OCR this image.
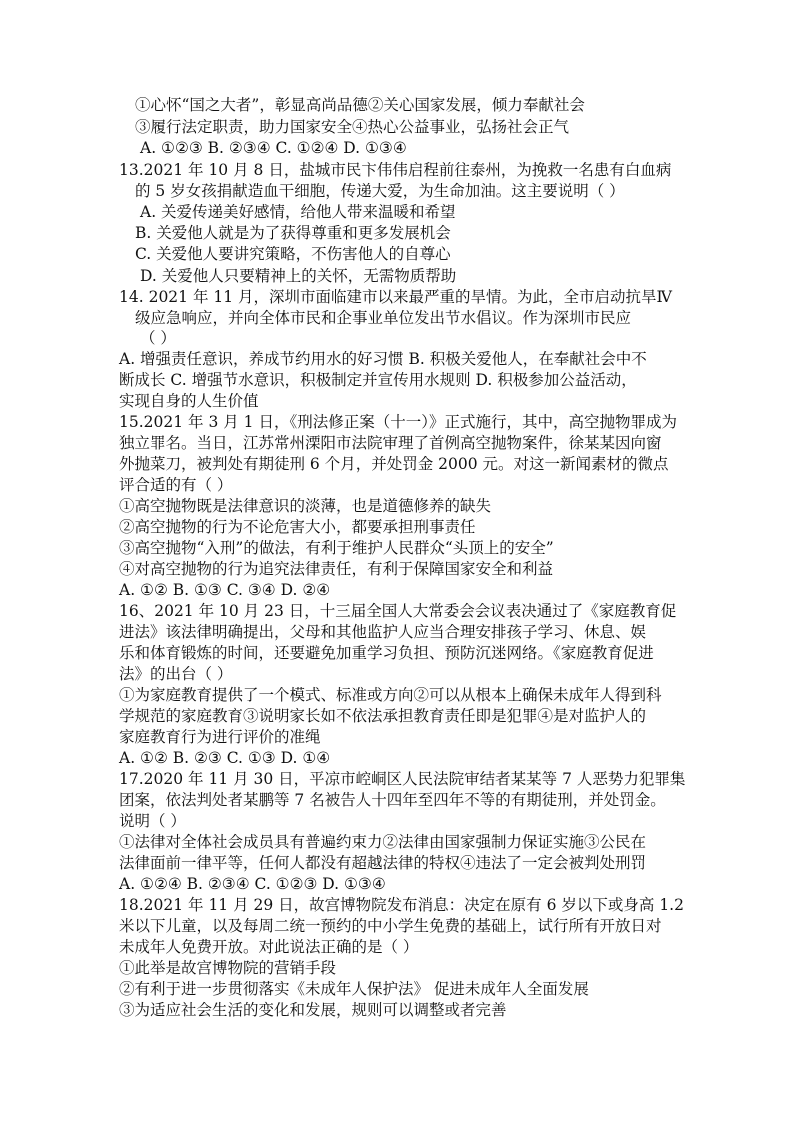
①心怀“国之大者”，彰显高尚品德②关心国家发展，倾力奉献社会
③履行法定职责，助力国家安全④热心公益事业，弘扬社会正气
A. ①②③ B. ②③④ C. ①②④ D. ①③④
13.2021 年 10 月 8 日，盐城市民卞伟伟启程前往泰州，为挽救一名患有白血病
的 5 岁女孩捐献造血干细胞，传递大爱，为生命加油。这主要说明（ ）
A. 关爱传递美好感情，给他人带来温暖和希望
B. 关爱他人就是为了获得尊重和更多发展机会
C. 关爱他人要讲究策略，不伤害他人的自尊心
D. 关爱他人只要精神上的关怀，无需物质帮助
14. 2021 年 11 月，深圳市面临建市以来最严重的旱情。为此，全市启动抗旱Ⅳ
级应急响应，并向全体市民和企事业单位发出节水倡议。作为深圳市民应
（ ）
A. 增强责任意识，养成节约用水的好习惯 B. 积极关爱他人，在奉献社会中不
断成长 C. 增强节水意识，积极制定并宣传用水规则 D. 积极参加公益活动，
实现自身的人生价值
15.2021 年 3 月 1 日，《刑法修正案（十一）》正式施行，其中，高空抛物罪成为
独立罪名。当日，江苏常州溧阳市法院审理了首例高空抛物案件，徐某某因向窗
外抛菜刀，被判处有期徒刑 6 个月，并处罚金 2000 元。对这一新闻素材的微点
评合适的有（ ）
①高空抛物既是法律意识的淡薄，也是道德修养的缺失
②高空抛物的行为不论危害大小，都要承担刑事责任
③高空抛物“入刑”的做法，有利于维护人民群众“头顶上的安全”
④对高空抛物的行为追究法律责任，有利于保障国家安全和利益
A. ①② B. ①③ C. ③④ D. ②④
16、2021 年 10 月 23 日，十三届全国人大常委会会议表决通过了《家庭教育促
进法》该法律明确提出，父母和其他监护人应当合理安排孩子学习、休息、娱
乐和体育锻炼的时间，还要避免加重学习负担、预防沉迷网络。《家庭教育促进
法》的出台（ ）
①为家庭教育提供了一个模式、标准或方向②可以从根本上确保未成年人得到科
学规范的家庭教育③说明家长如不依法承担教育责任即是犯罪④是对监护人的
家庭教育行为进行评价的准绳
A. ①② B. ②③ C. ①③ D. ①④
17.2020 年 11 月 30 日，平凉市崆峒区人民法院审结者某某等 7 人恶势力犯罪集
团案，依法判处者某鹏等 7 名被告人十四年至四年不等的有期徒刑，并处罚金。
说明（ ）
①法律对全体社会成员具有普遍约束力②法律由国家强制力保证实施③公民在
法律面前一律平等，任何人都没有超越法律的特权④违法了一定会被判处刑罚
A. ①②④ B. ②③④ C. ①②③ D. ①③④
18.2021 年 11 月 29 日，故宫博物院发布消息：决定在原有 6 岁以下或身高 1.2
米以下儿童，以及每周二统一预约的中小学生免费的基础上，试行所有开放日对
未成年人免费开放。对此说法正确的是（ ）
①此举是故宫博物院的营销手段
②有利于进一步贯彻落实《未成年人保护法》 促进未成年人全面发展
③为适应社会生活的变化和发展，规则可以调整或者完善
